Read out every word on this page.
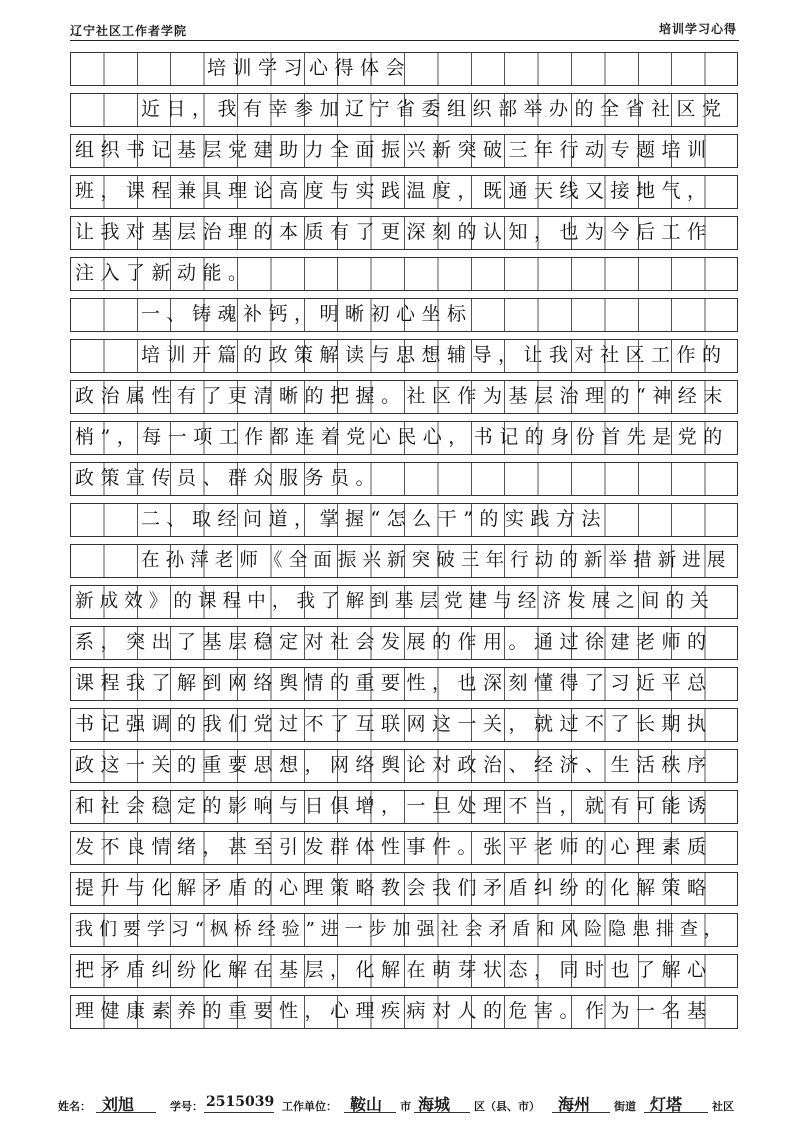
辽宁社区工作者学院	培训学习心得
培训学习心得体会
近日，我有幸参加辽宁省委组织部举办的全省社区党
组织书记基层党建助力全面振兴新突破三年行动专题培训
班，课程兼具理论高度与实践温度，既通天线又接地气，
让我对基层治理的本质有了更深刻的认知，也为今后工作
注入了新动能。
一、铸魂补钙，明晰初心坐标
培训开篇的政策解读与思想辅导，让我对社区工作的
政治属性有了更清晰的把握。社区作为基层治理的“神经末
梢”，每一项工作都连着党心民心，书记的身份首先是党的
政策宣传员、群众服务员。
二、取经问道，掌握“怎么干”的实践方法
在孙萍老师《全面振兴新突破三年行动的新举措新进展
新成效》的课程中，我了解到基层党建与经济发展之间的关
系，突出了基层稳定对社会发展的作用。通过徐建老师的
课程我了解到网络舆情的重要性，也深刻懂得了习近平总
书记强调的我们党过不了互联网这一关，就过不了长期执
政这一关的重要思想，网络舆论对政治、经济、生活秩序
和社会稳定的影响与日俱增，一旦处理不当，就有可能诱
发不良情绪，甚至引发群体性事件。张平老师的心理素质
提升与化解矛盾的心理策略教会我们矛盾纠纷的化解策略
我们要学习“枫桥经验”进一步加强社会矛盾和风险隐患排查，
把矛盾纠纷化解在基层，化解在萌芽状态，同时也了解心
理健康素养的重要性，心理疾病对人的危害。作为一名基
姓名： 刘旭	学号： 2515039 工作单位： 鞍山 市 海城 区（县、市） 海州 街道 灯塔	社区
